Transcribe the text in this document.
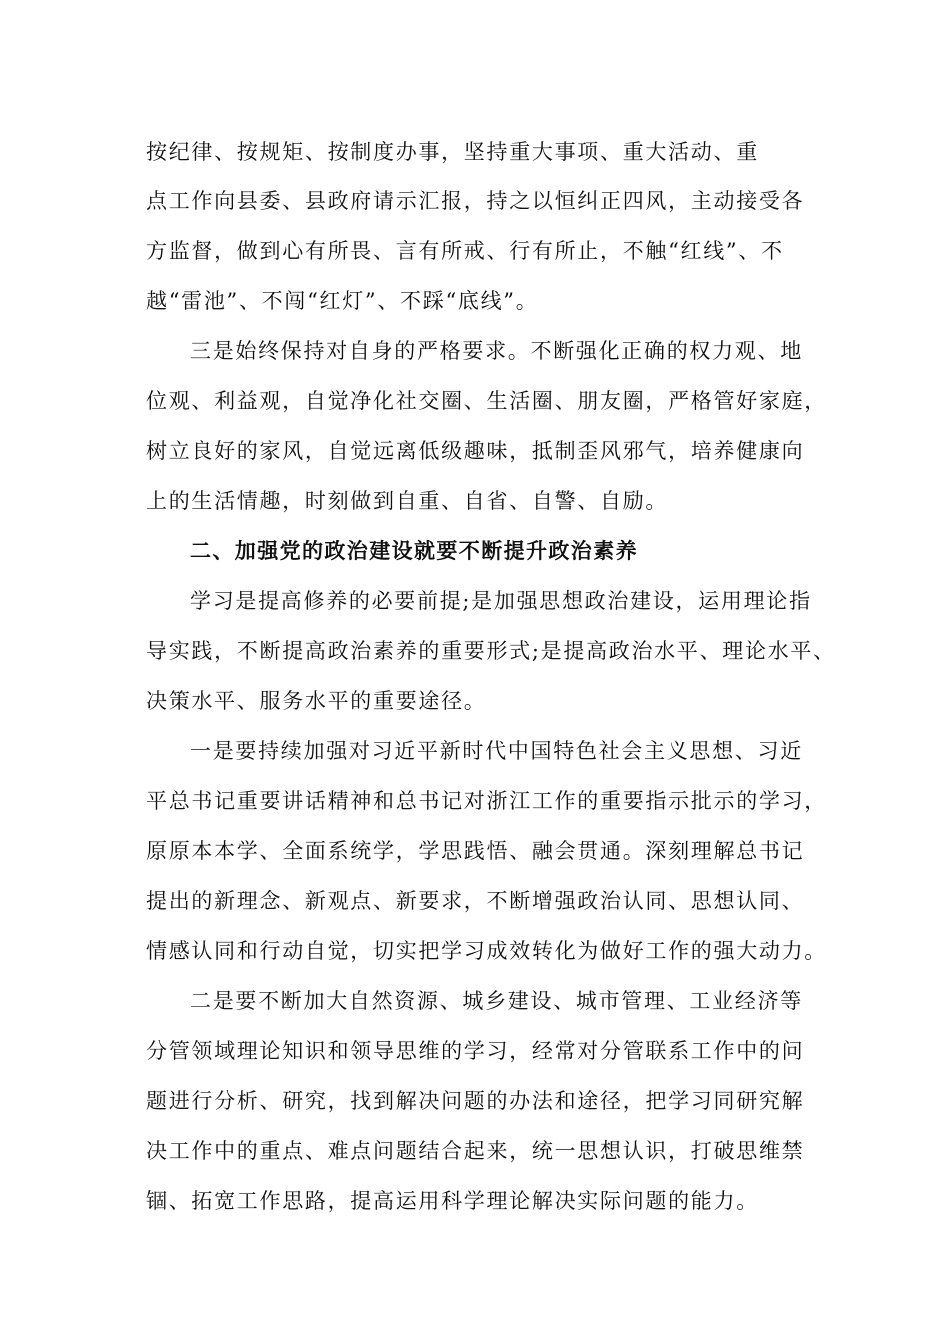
按纪律、按规矩、按制度办事，坚持重大事项、重大活动、重
点工作向县委、县政府请示汇报，持之以恒纠正四风，主动接受各
方监督，做到心有所畏、言有所戒、行有所止，不触“红线”、不
越“雷池”、不闯“红灯”、不踩“底线”。
三是始终保持对自身的严格要求。不断强化正确的权力观、地
位观、利益观，自觉净化社交圈、生活圈、朋友圈，严格管好家庭，
树立良好的家风，自觉远离低级趣味，抵制歪风邪气，培养健康向
上的生活情趣，时刻做到自重、自省、自警、自励。
二、加强党的政治建设就要不断提升政治素养
学习是提高修养的必要前提;是加强思想政治建设，运用理论指
导实践，不断提高政治素养的重要形式;是提高政治水平、理论水平、
决策水平、服务水平的重要途径。
一是要持续加强对习近平新时代中国特色社会主义思想、习近
平总书记重要讲话精神和总书记对浙江工作的重要指示批示的学习，
原原本本学、全面系统学，学思践悟、融会贯通。深刻理解总书记
提出的新理念、新观点、新要求，不断增强政治认同、思想认同、
情感认同和行动自觉，切实把学习成效转化为做好工作的强大动力。
二是要不断加大自然资源、城乡建设、城市管理、工业经济等
分管领域理论知识和领导思维的学习，经常对分管联系工作中的问
题进行分析、研究，找到解决问题的办法和途径，把学习同研究解
决工作中的重点、难点问题结合起来，统一思想认识，打破思维禁
锢、拓宽工作思路，提高运用科学理论解决实际问题的能力。
